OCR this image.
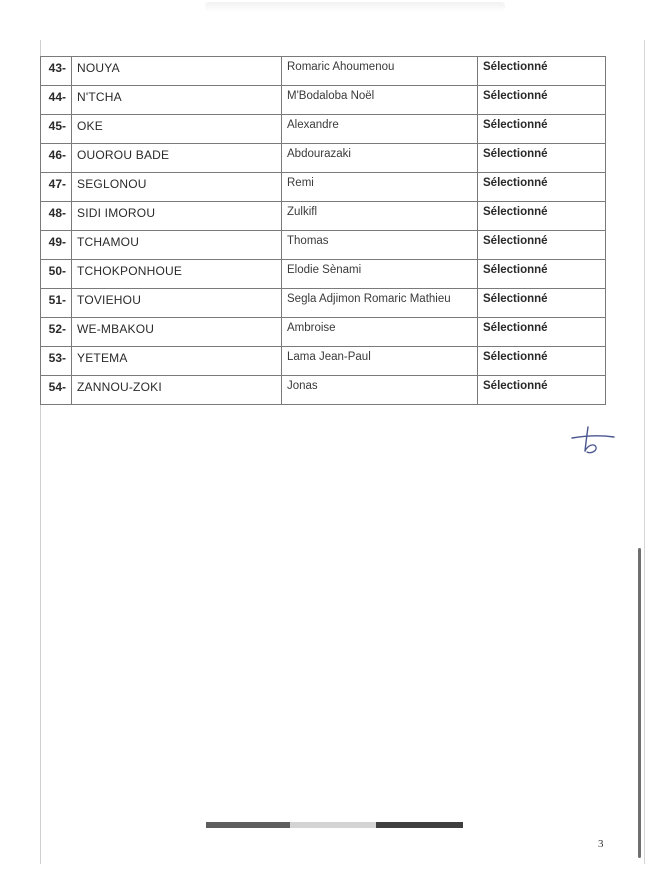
43-	NOUYA	Romaric Ahoumenou	Sélectionné
44-	N'TCHA	M'Bodaloba Noël	Sélectionné
45-	OKE	Alexandre	Sélectionné
46-	OUOROU BADE	Abdourazaki	Sélectionné
47-	SEGLONOU	Remi	Sélectionné
48-	SIDI IMOROU	Zulkifl	Sélectionné
49-	TCHAMOU	Thomas	Sélectionné
50-	TCHOKPONHOUE	Elodie Sènami	Sélectionné
51-	TOVIEHOU	Segla Adjimon Romaric Mathieu	Sélectionné
52-	WE-MBAKOU	Ambroise	Sélectionné
53-	YETEMA	Lama Jean-Paul	Sélectionné
54-	ZANNOU-ZOKI	Jonas	Sélectionné
3
